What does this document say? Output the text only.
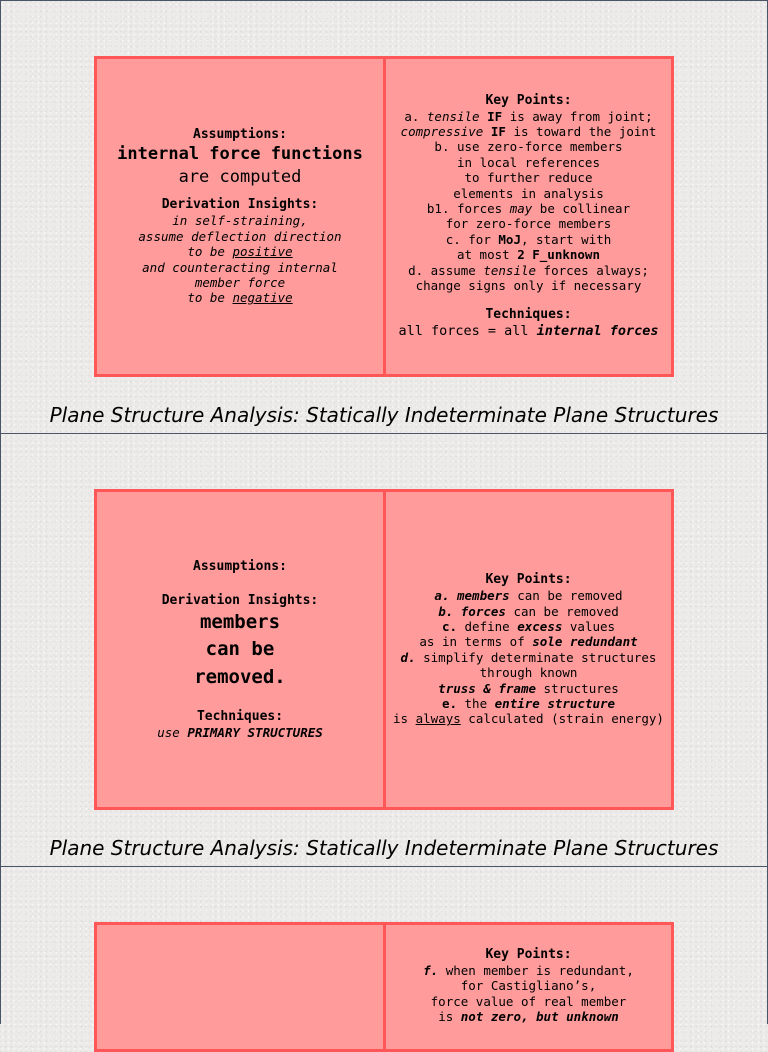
Assumptions:
internal force functions
are computed
Derivation Insights:
in self-straining,
assume deflection direction
to be positive
and counteracting internal
member force
to be negative
Key Points:
a. tensile IF is away from joint;
compressive IF is toward the joint
b. use zero-force members
in local references
to further reduce
elements in analysis
b1. forces may be collinear
for zero-force members
c. for MoJ, start with
at most 2 F_unknown
d. assume tensile forces always;
change signs only if necessary
Techniques:
all forces = all internal forces
Plane Structure Analysis: Statically Indeterminate Plane Structures
Assumptions:
Derivation Insights:
members
can be
removed.
Techniques:
use PRIMARY STRUCTURES
Key Points:
a. members can be removed
b. forces can be removed
c. define excess values
as in terms of sole redundant
d. simplify determinate structures
through known
truss & frame structures
e. the entire structure
is always calculated (strain energy)
Plane Structure Analysis: Statically Indeterminate Plane Structures
Key Points:
f. when member is redundant,
for Castigliano’s,
force value of real member
is not zero, but unknown
